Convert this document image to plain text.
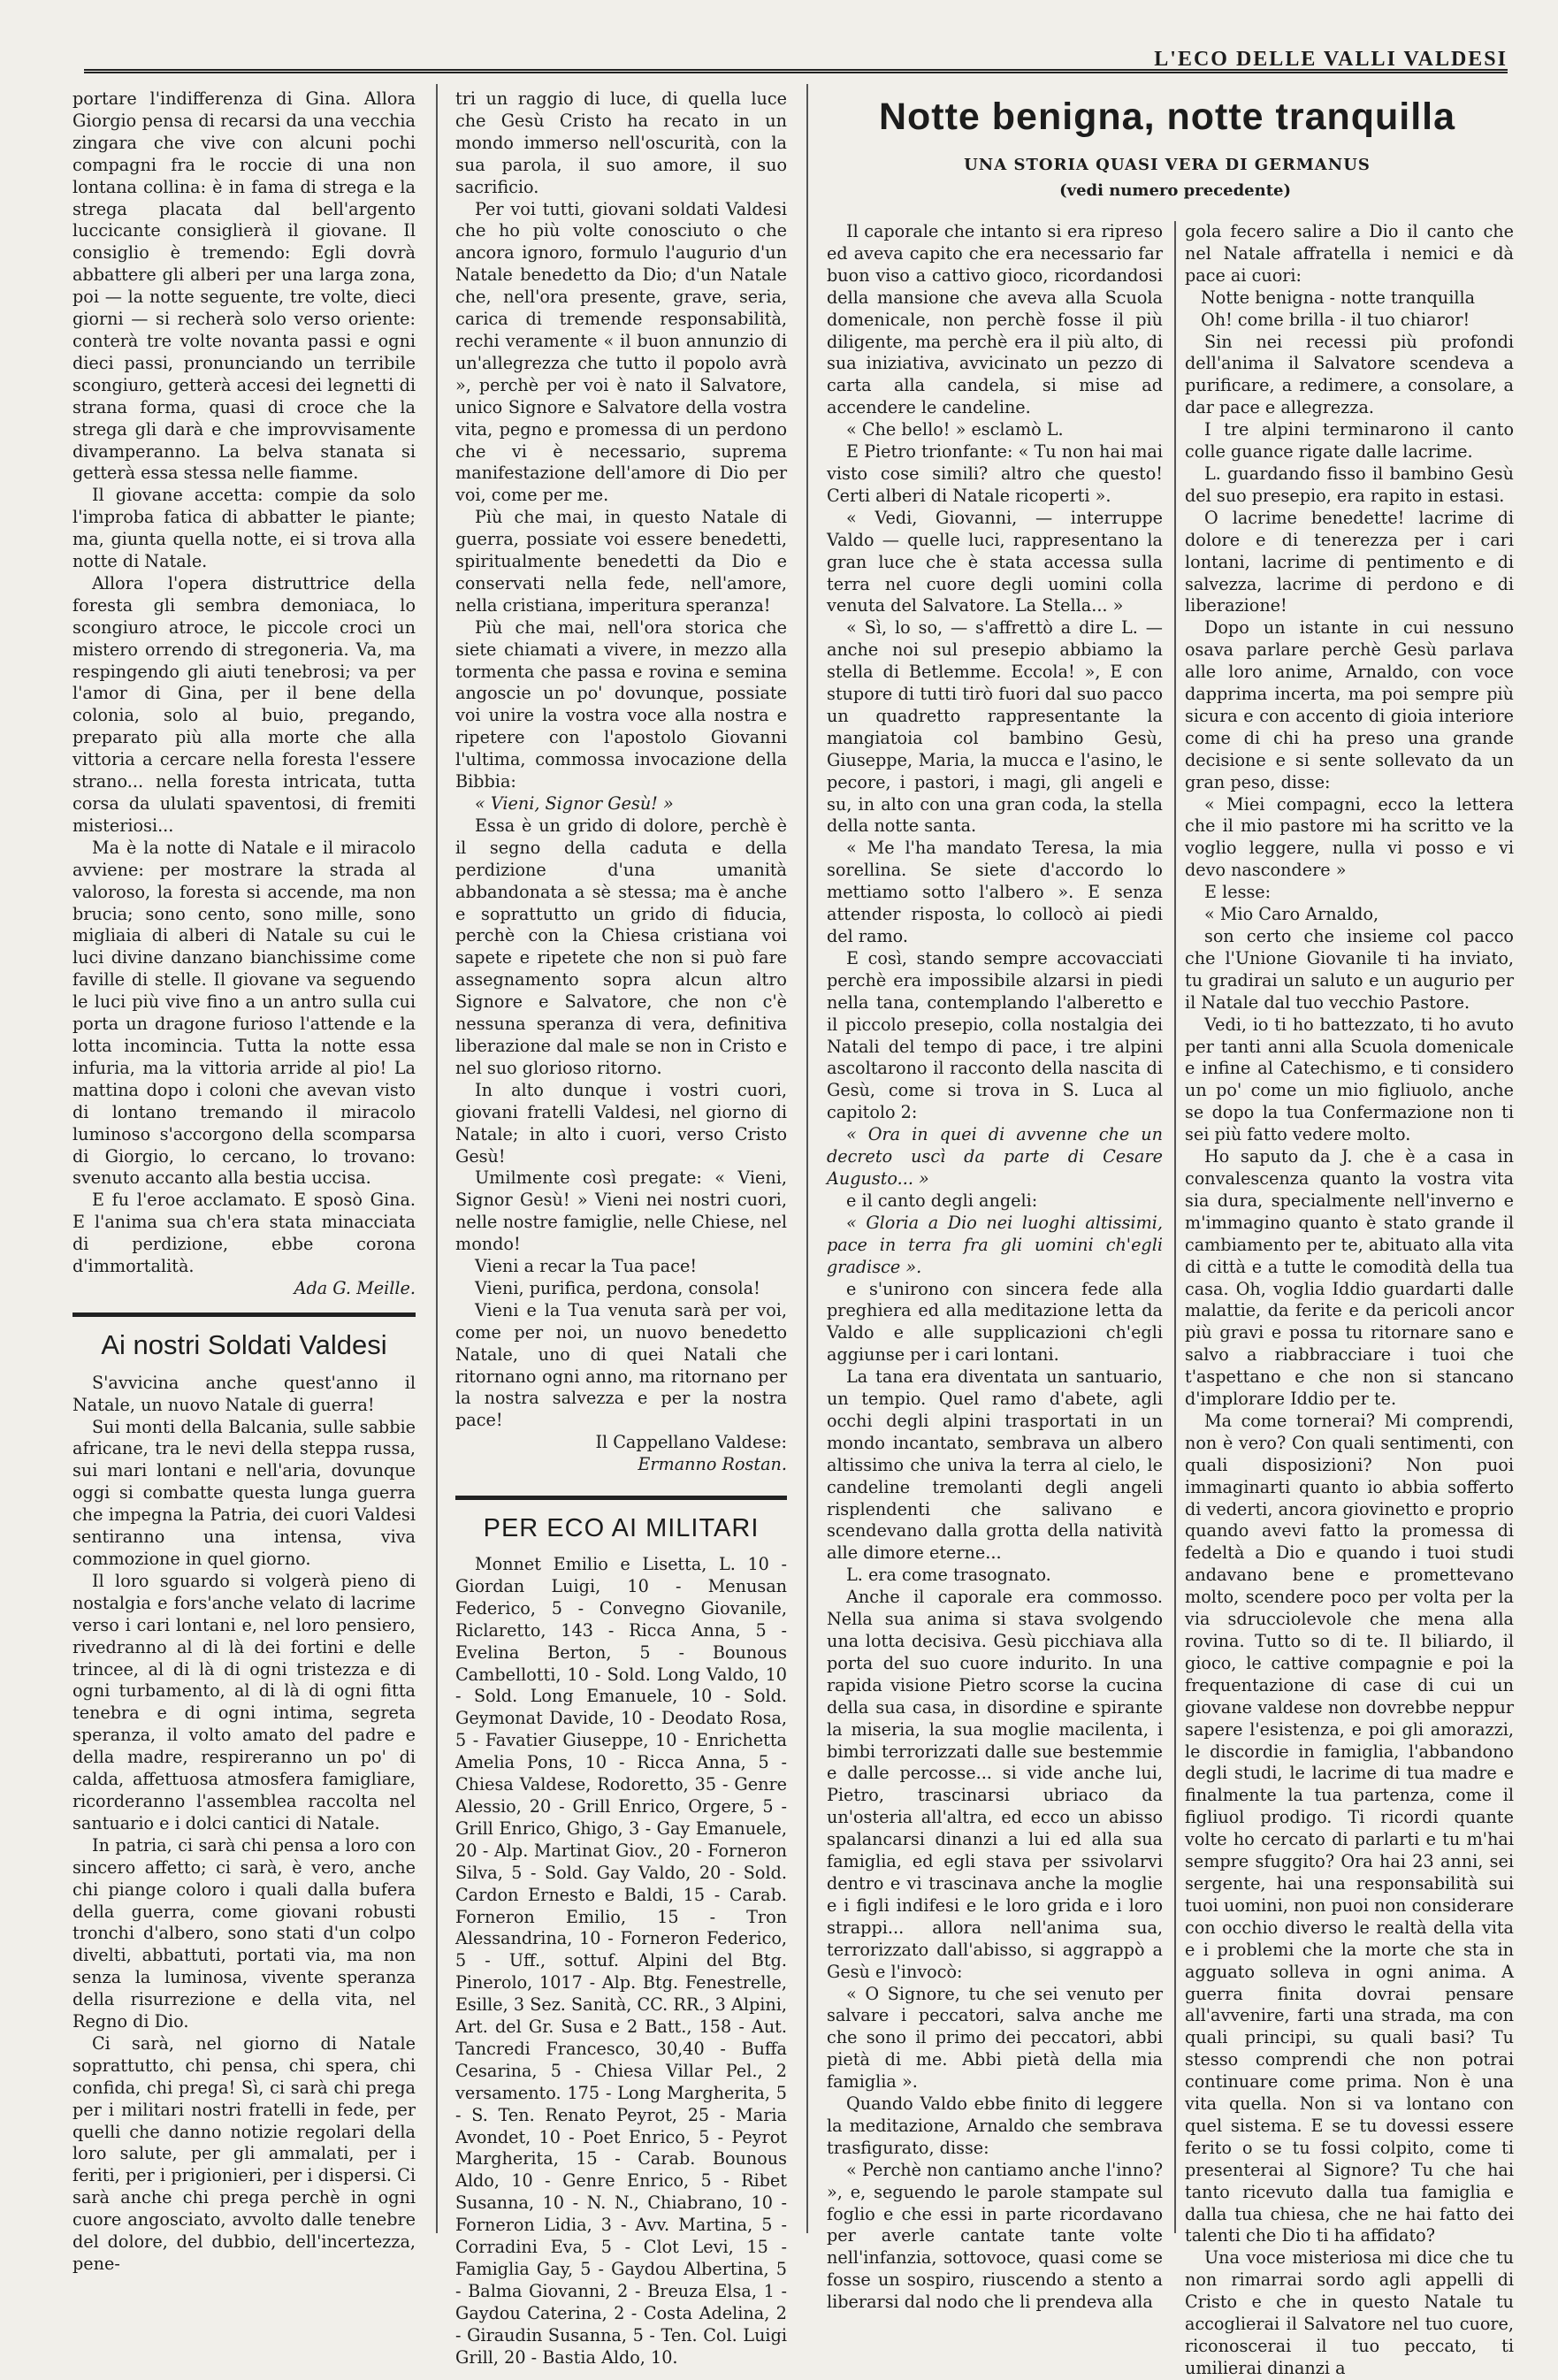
L'ECO DELLE VALLI VALDESI
Notte benigna, notte tranquilla
UNA STORIA QUASI VERA DI GERMANUS
(vedi numero precedente)

portare l'indifferenza di Gina. Allora Giorgio pensa di recarsi da una vecchia zingara che vive con alcuni pochi compagni fra le roccie di una non lontana collina: è in fama di strega e la strega placata dal bell'argento luccicante consiglierà il giovane. Il consiglio è tremendo: Egli dovrà abbattere gli alberi per una larga zona, poi — la notte seguente, tre volte, dieci giorni — si recherà solo verso oriente: conterà tre volte novanta passi e ogni dieci passi, pronunciando un terribile scongiuro, getterà accesi dei legnetti di strana forma, quasi di croce che la strega gli darà e che improvvisamente divamperanno. La belva stanata si getterà essa stessa nelle fiamme.

Il giovane accetta: compie da solo l'improba fatica di abbatter le piante; ma, giunta quella notte, ei si trova alla notte di Natale.

Allora l'opera distruttrice della foresta gli sembra demoniaca, lo scongiuro atroce, le piccole croci un mistero orrendo di stregoneria. Va, ma respingendo gli aiuti tenebrosi; va per l'amor di Gina, per il bene della colonia, solo al buio, pregando, preparato più alla morte che alla vittoria a cercare nella foresta l'essere strano... nella foresta intricata, tutta corsa da ululati spaventosi, di fremiti misteriosi...

Ma è la notte di Natale e il miracolo avviene: per mostrare la strada al valoroso, la foresta si accende, ma non brucia; sono cento, sono mille, sono migliaia di alberi di Natale su cui le luci divine danzano bianchissime come faville di stelle. Il giovane va seguendo le luci più vive fino a un antro sulla cui porta un dragone furioso l'attende e la lotta incomincia. Tutta la notte essa infuria, ma la vittoria arride al pio! La mattina dopo i coloni che avevan visto di lontano tremando il miracolo luminoso s'accorgono della scomparsa di Giorgio, lo cercano, lo trovano: svenuto accanto alla bestia uccisa.

E fu l'eroe acclamato. E sposò Gina. E l'anima sua ch'era stata minacciata di perdizione, ebbe corona d'immortalità.

Ada G. Meille.

Ai nostri Soldati Valdesi

S'avvicina anche quest'anno il Natale, un nuovo Natale di guerra!

Sui monti della Balcania, sulle sabbie africane, tra le nevi della steppa russa, sui mari lontani e nell'aria, dovunque oggi si combatte questa lunga guerra che impegna la Patria, dei cuori Valdesi sentiranno una intensa, viva commozione in quel giorno.

Il loro sguardo si volgerà pieno di nostalgia e fors'anche velato di lacrime verso i cari lontani e, nel loro pensiero, rivedranno al di là dei fortini e delle trincee, al di là di ogni tristezza e di ogni turbamento, al di là di ogni fitta tenebra e di ogni intima, segreta speranza, il volto amato del padre e della madre, respireranno un po' di calda, affettuosa atmosfera famigliare, ricorderanno l'assemblea raccolta nel santuario e i dolci cantici di Natale.

In patria, ci sarà chi pensa a loro con sincero affetto; ci sarà, è vero, anche chi piange coloro i quali dalla bufera della guerra, come giovani robusti tronchi d'albero, sono stati d'un colpo divelti, abbattuti, portati via, ma non senza la luminosa, vivente speranza della risurrezione e della vita, nel Regno di Dio.

Ci sarà, nel giorno di Natale soprattutto, chi pensa, chi spera, chi confida, chi prega! Sì, ci sarà chi prega per i militari nostri fratelli in fede, per quelli che danno notizie regolari della loro salute, per gli ammalati, per i feriti, per i prigionieri, per i dispersi. Ci sarà anche chi prega perchè in ogni cuore angosciato, avvolto dalle tenebre del dolore, del dubbio, dell'incertezza, pene-

tri un raggio di luce, di quella luce che Gesù Cristo ha recato in un mondo immerso nell'oscurità, con la sua parola, il suo amore, il suo sacrificio.

Per voi tutti, giovani soldati Valdesi che ho più volte conosciuto o che ancora ignoro, formulo l'augurio d'un Natale benedetto da Dio; d'un Natale che, nell'ora presente, grave, seria, carica di tremende responsabilità, rechi veramente « il buon annunzio di un'allegrezza che tutto il popolo avrà », perchè per voi è nato il Salvatore, unico Signore e Salvatore della vostra vita, pegno e promessa di un perdono che vi è necessario, suprema manifestazione dell'amore di Dio per voi, come per me.

Più che mai, in questo Natale di guerra, possiate voi essere benedetti, spiritualmente benedetti da Dio e conservati nella fede, nell'amore, nella cristiana, imperitura speranza!

Più che mai, nell'ora storica che siete chiamati a vivere, in mezzo alla tormenta che passa e rovina e semina angoscie un po' dovunque, possiate voi unire la vostra voce alla nostra e ripetere con l'apostolo Giovanni l'ultima, commossa invocazione della Bibbia:

« Vieni, Signor Gesù! »

Essa è un grido di dolore, perchè è il segno della caduta e della perdizione d'una umanità abbandonata a sè stessa; ma è anche e soprattutto un grido di fiducia, perchè con la Chiesa cristiana voi sapete e ripetete che non si può fare assegnamento sopra alcun altro Signore e Salvatore, che non c'è nessuna speranza di vera, definitiva liberazione dal male se non in Cristo e nel suo glorioso ritorno.

In alto dunque i vostri cuori, giovani fratelli Valdesi, nel giorno di Natale; in alto i cuori, verso Cristo Gesù!

Umilmente così pregate: « Vieni, Signor Gesù! » Vieni nei nostri cuori, nelle nostre famiglie, nelle Chiese, nel mondo!

Vieni a recar la Tua pace!

Vieni, purifica, perdona, consola!

Vieni e la Tua venuta sarà per voi, come per noi, un nuovo benedetto Natale, uno di quei Natali che ritornano ogni anno, ma ritornano per la nostra salvezza e per la nostra pace!

Il Cappellano Valdese:

Ermanno Rostan.

PER ECO AI MILITARI

Monnet Emilio e Lisetta, L. 10 - Giordan Luigi, 10 - Menusan Federico, 5 - Convegno Giovanile, Riclaretto, 143 - Ricca Anna, 5 - Evelina Berton, 5 - Bounous Cambellotti, 10 - Sold. Long Valdo, 10 - Sold. Long Emanuele, 10 - Sold. Geymonat Davide, 10 - Deodato Rosa, 5 - Favatier Giuseppe, 10 - Enrichetta Amelia Pons, 10 - Ricca Anna, 5 - Chiesa Valdese, Rodoretto, 35 - Genre Alessio, 20 - Grill Enrico, Orgere, 5 - Grill Enrico, Ghigo, 3 - Gay Emanuele, 20 - Alp. Martinat Giov., 20 - Forneron Silva, 5 - Sold. Gay Valdo, 20 - Sold. Cardon Ernesto e Baldi, 15 - Carab. Forneron Emilio, 15 - Tron Alessandrina, 10 - Forneron Federico, 5 - Uff., sottuf. Alpini del Btg. Pinerolo, 1017 - Alp. Btg. Fenestrelle, Esille, 3 Sez. Sanità, CC. RR., 3 Alpini, Art. del Gr. Susa e 2 Batt., 158 - Aut. Tancredi Francesco, 30,40 - Buffa Cesarina, 5 - Chiesa Villar Pel., 2 versamento. 175 - Long Margherita, 5 - S. Ten. Renato Peyrot, 25 - Maria Avondet, 10 - Poet Enrico, 5 - Peyrot Margherita, 15 - Carab. Bounous Aldo, 10 - Genre Enrico, 5 - Ribet Susanna, 10 - N. N., Chiabrano, 10 - Forneron Lidia, 3 - Avv. Martina, 5 - Corradini Eva, 5 - Clot Levi, 15 - Famiglia Gay, 5 - Gaydou Albertina, 5 - Balma Giovanni, 2 - Breuza Elsa, 1 - Gaydou Caterina, 2 - Costa Adelina, 2 - Giraudin Susanna, 5 - Ten. Col. Luigi Grill, 20 - Bastia Aldo, 10.

Il caporale che intanto si era ripreso ed aveva capito che era necessario far buon viso a cattivo gioco, ricordandosi della mansione che aveva alla Scuola domenicale, non perchè fosse il più diligente, ma perchè era il più alto, di sua iniziativa, avvicinato un pezzo di carta alla candela, si mise ad accendere le candeline.

« Che bello! » esclamò L.

E Pietro trionfante: « Tu non hai mai visto cose simili? altro che questo! Certi alberi di Natale ricoperti ».

« Vedi, Giovanni, — interruppe Valdo — quelle luci, rappresentano la gran luce che è stata accessa sulla terra nel cuore degli uomini colla venuta del Salvatore. La Stella... »

« Sì, lo so, — s'affrettò a dire L. — anche noi sul presepio abbiamo la stella di Betlemme. Eccola! », E con stupore di tutti tirò fuori dal suo pacco un quadretto rappresentante la mangiatoia col bambino Gesù, Giuseppe, Maria, la mucca e l'asino, le pecore, i pastori, i magi, gli angeli e su, in alto con una gran coda, la stella della notte santa.

« Me l'ha mandato Teresa, la mia sorellina. Se siete d'accordo lo mettiamo sotto l'albero ». E senza attender risposta, lo collocò ai piedi del ramo.

E così, stando sempre accovacciati perchè era impossibile alzarsi in piedi nella tana, contemplando l'alberetto e il piccolo presepio, colla nostalgia dei Natali del tempo di pace, i tre alpini ascoltarono il racconto della nascita di Gesù, come si trova in S. Luca al capitolo 2:

« Ora in quei di avvenne che un decreto uscì da parte di Cesare Augusto... »

e il canto degli angeli:

« Gloria a Dio nei luoghi altissimi, pace in terra fra gli uomini ch'egli gradisce ».

e s'unirono con sincera fede alla preghiera ed alla meditazione letta da Valdo e alle supplicazioni ch'egli aggiunse per i cari lontani.

La tana era diventata un santuario, un tempio. Quel ramo d'abete, agli occhi degli alpini trasportati in un mondo incantato, sembrava un albero altissimo che univa la terra al cielo, le candeline tremolanti degli angeli risplendenti che salivano e scendevano dalla grotta della natività alle dimore eterne...

L. era come trasognato.

Anche il caporale era commosso. Nella sua anima si stava svolgendo una lotta decisiva. Gesù picchiava alla porta del suo cuore indurito. In una rapida visione Pietro scorse la cucina della sua casa, in disordine e spirante la miseria, la sua moglie macilenta, i bimbi terrorizzati dalle sue bestemmie e dalle percosse... si vide anche lui, Pietro, trascinarsi ubriaco da un'osteria all'altra, ed ecco un abisso spalancarsi dinanzi a lui ed alla sua famiglia, ed egli stava per ssivolarvi dentro e vi trascinava anche la moglie e i figli indifesi e le loro grida e i loro strappi... allora nell'anima sua, terrorizzato dall'abisso, si aggrappò a Gesù e l'invocò:

« O Signore, tu che sei venuto per salvare i peccatori, salva anche me che sono il primo dei peccatori, abbi pietà di me. Abbi pietà della mia famiglia ».

Quando Valdo ebbe finito di leggere la meditazione, Arnaldo che sembrava trasfigurato, disse:

« Perchè non cantiamo anche l'inno? », e, seguendo le parole stampate sul foglio e che essi in parte ricordavano per averle cantate tante volte nell'infanzia, sottovoce, quasi come se fosse un sospiro, riuscendo a stento a liberarsi dal nodo che li prendeva alla

gola fecero salire a Dio il canto che nel Natale affratella i nemici e dà pace ai cuori:

Notte benigna - notte tranquilla

Oh! come brilla - il tuo chiaror!

Sin nei recessi più profondi dell'anima il Salvatore scendeva a purificare, a redimere, a consolare, a dar pace e allegrezza.

I tre alpini terminarono il canto colle guance rigate dalle lacrime.

L. guardando fisso il bambino Gesù del suo presepio, era rapito in estasi.

O lacrime benedette! lacrime di dolore e di tenerezza per i cari lontani, lacrime di pentimento e di salvezza, lacrime di perdono e di liberazione!

Dopo un istante in cui nessuno osava parlare perchè Gesù parlava alle loro anime, Arnaldo, con voce dapprima incerta, ma poi sempre più sicura e con accento di gioia interiore come di chi ha preso una grande decisione e si sente sollevato da un gran peso, disse:

« Miei compagni, ecco la lettera che il mio pastore mi ha scritto ve la voglio leggere, nulla vi posso e vi devo nascondere »

E lesse:

« Mio Caro Arnaldo,

son certo che insieme col pacco che l'Unione Giovanile ti ha inviato, tu gradirai un saluto e un augurio per il Natale dal tuo vecchio Pastore.

Vedi, io ti ho battezzato, ti ho avuto per tanti anni alla Scuola domenicale e infine al Catechismo, e ti considero un po' come un mio figliuolo, anche se dopo la tua Confermazione non ti sei più fatto vedere molto.

Ho saputo da J. che è a casa in convalescenza quanto la vostra vita sia dura, specialmente nell'inverno e m'immagino quanto è stato grande il cambiamento per te, abituato alla vita di città e a tutte le comodità della tua casa. Oh, voglia Iddio guardarti dalle malattie, da ferite e da pericoli ancor più gravi e possa tu ritornare sano e salvo a riabbracciare i tuoi che t'aspettano e che non si stancano d'implorare Iddio per te.

Ma come tornerai? Mi comprendi, non è vero? Con quali sentimenti, con quali disposizioni? Non puoi immaginarti quanto io abbia sofferto di vederti, ancora giovinetto e proprio quando avevi fatto la promessa di fedeltà a Dio e quando i tuoi studi andavano bene e promettevano molto, scendere poco per volta per la via sdrucciolevole che mena alla rovina. Tutto so di te. Il biliardo, il gioco, le cattive compagnie e poi la frequentazione di case di cui un giovane valdese non dovrebbe neppur sapere l'esistenza, e poi gli amorazzi, le discordie in famiglia, l'abbandono degli studi, le lacrime di tua madre e finalmente la tua partenza, come il figliuol prodigo. Ti ricordi quante volte ho cercato di parlarti e tu m'hai sempre sfuggito? Ora hai 23 anni, sei sergente, hai una responsabilità sui tuoi uomini, non puoi non considerare con occhio diverso le realtà della vita e i problemi che la morte che sta in agguato solleva in ogni anima. A guerra finita dovrai pensare all'avvenire, farti una strada, ma con quali principi, su quali basi? Tu stesso comprendi che non potrai continuare come prima. Non è una vita quella. Non si va lontano con quel sistema. E se tu dovessi essere ferito o se tu fossi colpito, come ti presenterai al Signore? Tu che hai tanto ricevuto dalla tua famiglia e dalla tua chiesa, che ne hai fatto dei talenti che Dio ti ha affidato?

Una voce misteriosa mi dice che tu non rimarrai sordo agli appelli di Cristo e che in questo Natale tu accoglierai il Salvatore nel tuo cuore, riconoscerai il tuo peccato, ti umilierai dinanzi a
